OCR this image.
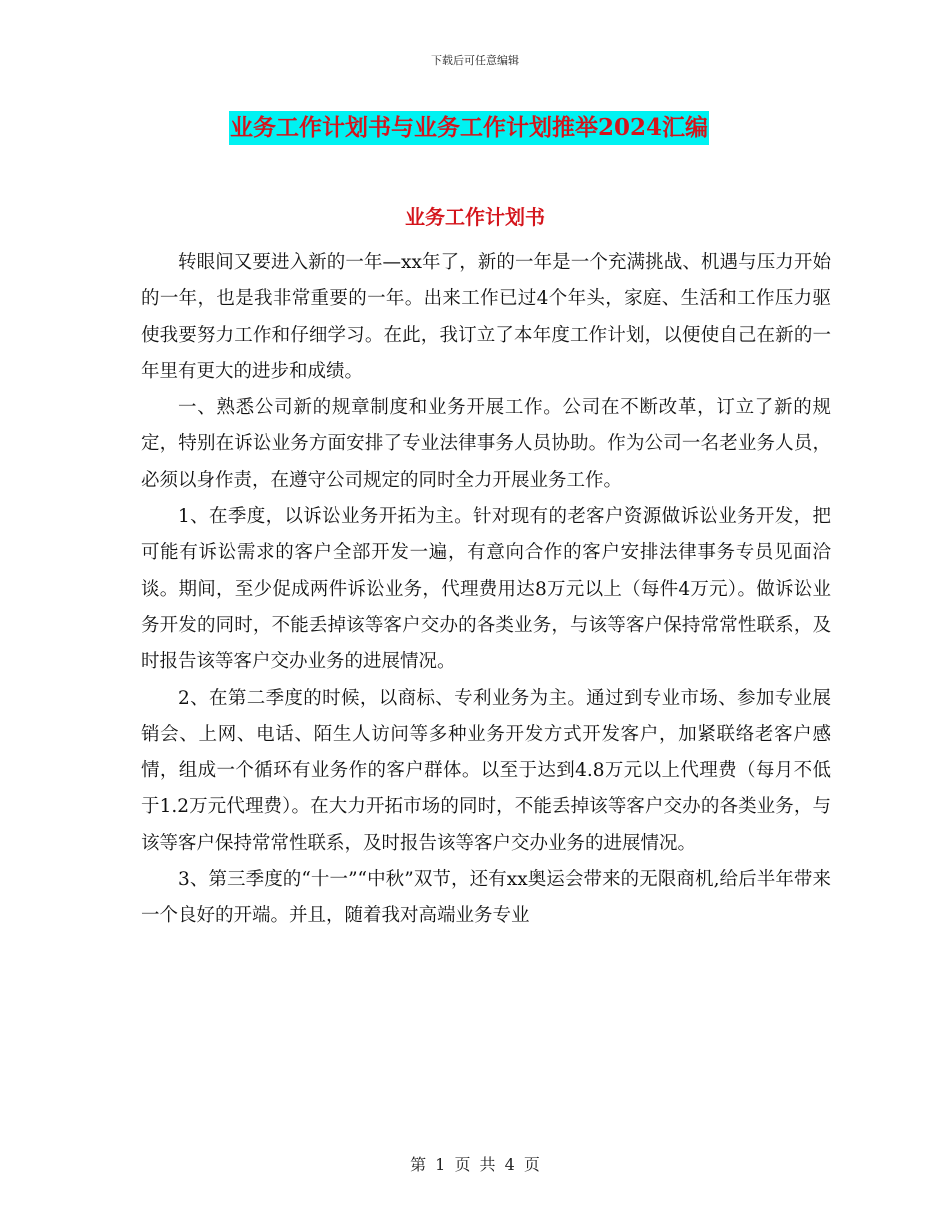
下载后可任意编辑
业务工作计划书与业务工作计划推举2024汇编
业务工作计划书

转眼间又要进入新的一年—xx年了，新的一年是一个充满挑战、机遇与压力开始的一年，也是我非常重要的一年。出来工作已过4个年头，家庭、生活和工作压力驱使我要努力工作和仔细学习。在此，我订立了本年度工作计划，以便使自己在新的一年里有更大的进步和成绩。

一、熟悉公司新的规章制度和业务开展工作。公司在不断改革，订立了新的规定，特别在诉讼业务方面安排了专业法律事务人员协助。作为公司一名老业务人员，必须以身作责，在遵守公司规定的同时全力开展业务工作。

1、在季度，以诉讼业务开拓为主。针对现有的老客户资源做诉讼业务开发，把可能有诉讼需求的客户全部开发一遍，有意向合作的客户安排法律事务专员见面洽谈。期间，至少促成两件诉讼业务，代理费用达8万元以上（每件4万元）。做诉讼业务开发的同时，不能丢掉该等客户交办的各类业务，与该等客户保持常常性联系，及时报告该等客户交办业务的进展情况。

2、在第二季度的时候，以商标、专利业务为主。通过到专业市场、参加专业展销会、上网、电话、陌生人访问等多种业务开发方式开发客户，加紧联络老客户感情，组成一个循环有业务作的客户群体。以至于达到4.8万元以上代理费（每月不低于1.2万元代理费）。在大力开拓市场的同时，不能丢掉该等客户交办的各类业务，与该等客户保持常常性联系，及时报告该等客户交办业务的进展情况。

3、第三季度的“十一”“中秋”双节，还有xx奥运会带来的无限商机,给后半年带来一个良好的开端。并且，随着我对高端业务专业

第 1 页 共 4 页
